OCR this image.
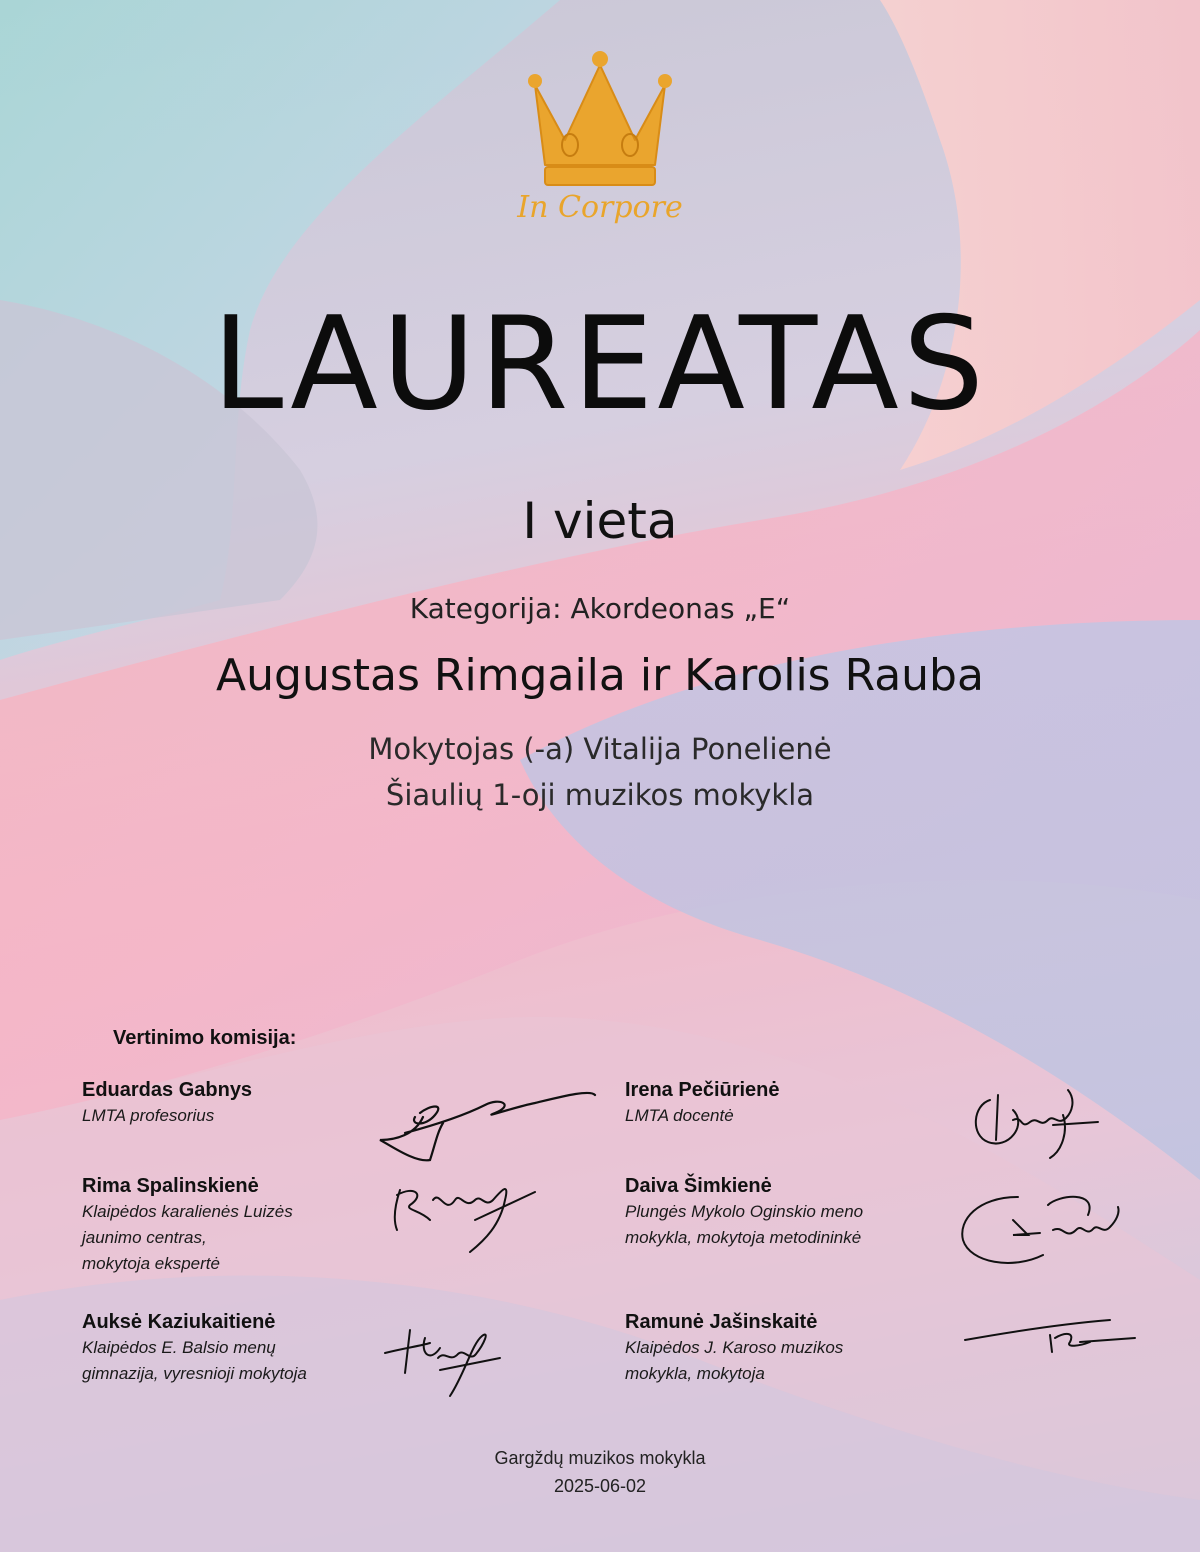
In Corpore
LAUREATAS
I vieta
Kategorija: Akordeonas „E“
Augustas Rimgaila ir Karolis Rauba
Mokytojas (-a) Vitalija Ponelienė
Šiaulių 1-oji muzikos mokykla
Vertinimo komisija:
Eduardas Gabnys
LMTA profesorius
Irena Pečiūrienė
LMTA docentė
Rima Spalinskienė
Klaipėdos karalienės Luizės
jaunimo centras,
mokytoja ekspertė
Daiva Šimkienė
Plungės Mykolo Oginskio meno
mokykla, mokytoja metodininkė
Auksė Kaziukaitienė
Klaipėdos E. Balsio menų
gimnazija, vyresnioji mokytoja
Ramunė Jašinskaitė
Klaipėdos J. Karoso muzikos
mokykla, mokytoja
Gargždų muzikos mokykla
2025-06-02
